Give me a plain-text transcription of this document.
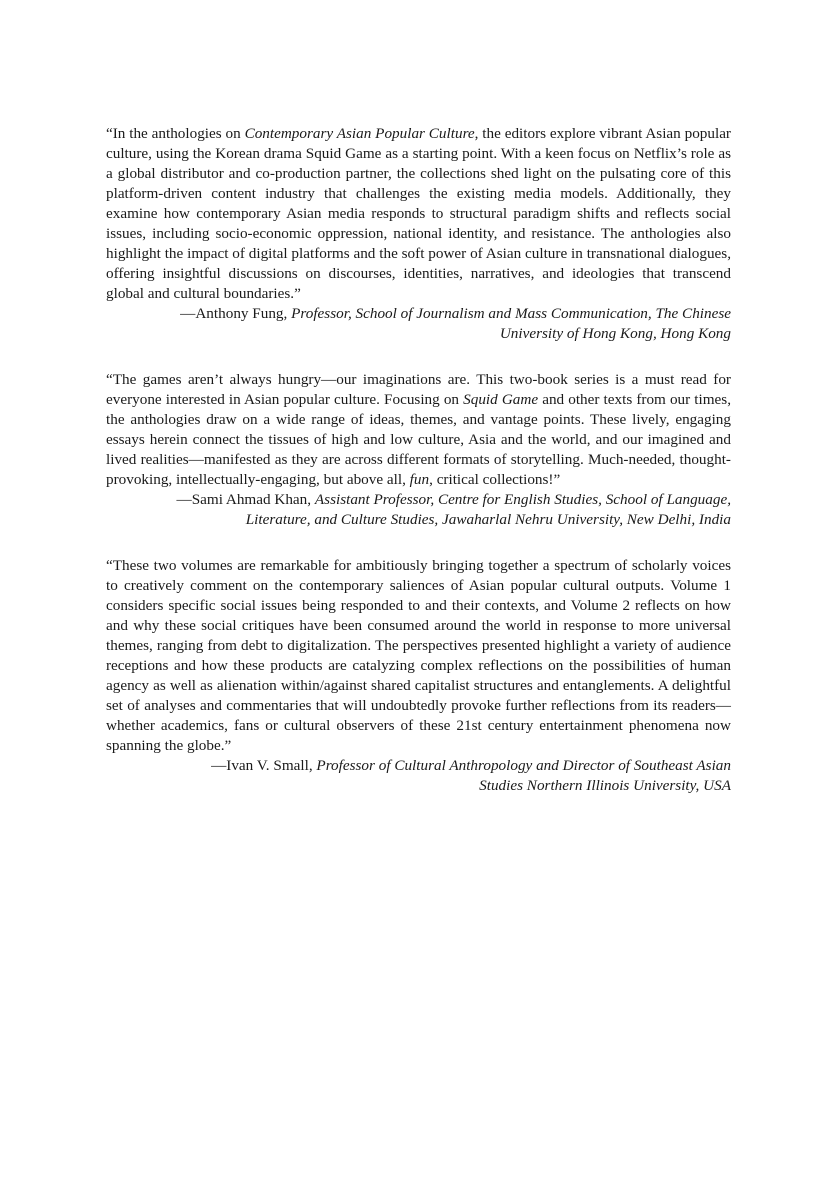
“In the anthologies on Contemporary Asian Popular Culture, the editors explore vibrant Asian popular culture, using the Korean drama Squid Game as a starting point. With a keen focus on Netflix’s role as a global distributor and co-production partner, the collections shed light on the pulsating core of this platform-driven content industry that challenges the existing media models. Additionally, they examine how contemporary Asian media responds to structural paradigm shifts and reflects social issues, including socio-economic oppression, national identity, and resistance. The anthologies also highlight the impact of digital platforms and the soft power of Asian culture in transnational dialogues, offering insightful discussions on discourses, identities, narratives, and ideologies that transcend global and cultural boundaries.”

—Anthony Fung, Professor, School of Journalism and Mass Communication, The Chinese University of Hong Kong, Hong Kong

“The games aren’t always hungry—our imaginations are. This two-book series is a must read for everyone interested in Asian popular culture. Focusing on Squid Game and other texts from our times, the anthologies draw on a wide range of ideas, themes, and vantage points. These lively, engaging essays herein connect the tissues of high and low culture, Asia and the world, and our imagined and lived realities—manifested as they are across different formats of storytelling. Much-needed, thought-provoking, intellectually-engaging, but above all, fun, critical collections!”

—Sami Ahmad Khan, Assistant Professor, Centre for English Studies, School of Language, Literature, and Culture Studies, Jawaharlal Nehru University, New Delhi, India

“These two volumes are remarkable for ambitiously bringing together a spectrum of scholarly voices to creatively comment on the contemporary saliences of Asian popular cultural outputs. Volume 1 considers specific social issues being responded to and their contexts, and Volume 2 reflects on how and why these social critiques have been consumed around the world in response to more universal themes, ranging from debt to digitalization. The perspectives presented highlight a variety of audience receptions and how these products are catalyzing complex reflections on the possibilities of human agency as well as alienation within/against shared capitalist structures and entanglements. A delightful set of analyses and commentaries that will undoubtedly provoke further reflections from its readers—whether academics, fans or cultural observers of these 21st century entertainment phenomena now spanning the globe.”

—Ivan V. Small, Professor of Cultural Anthropology and Director of Southeast Asian Studies Northern Illinois University, USA
